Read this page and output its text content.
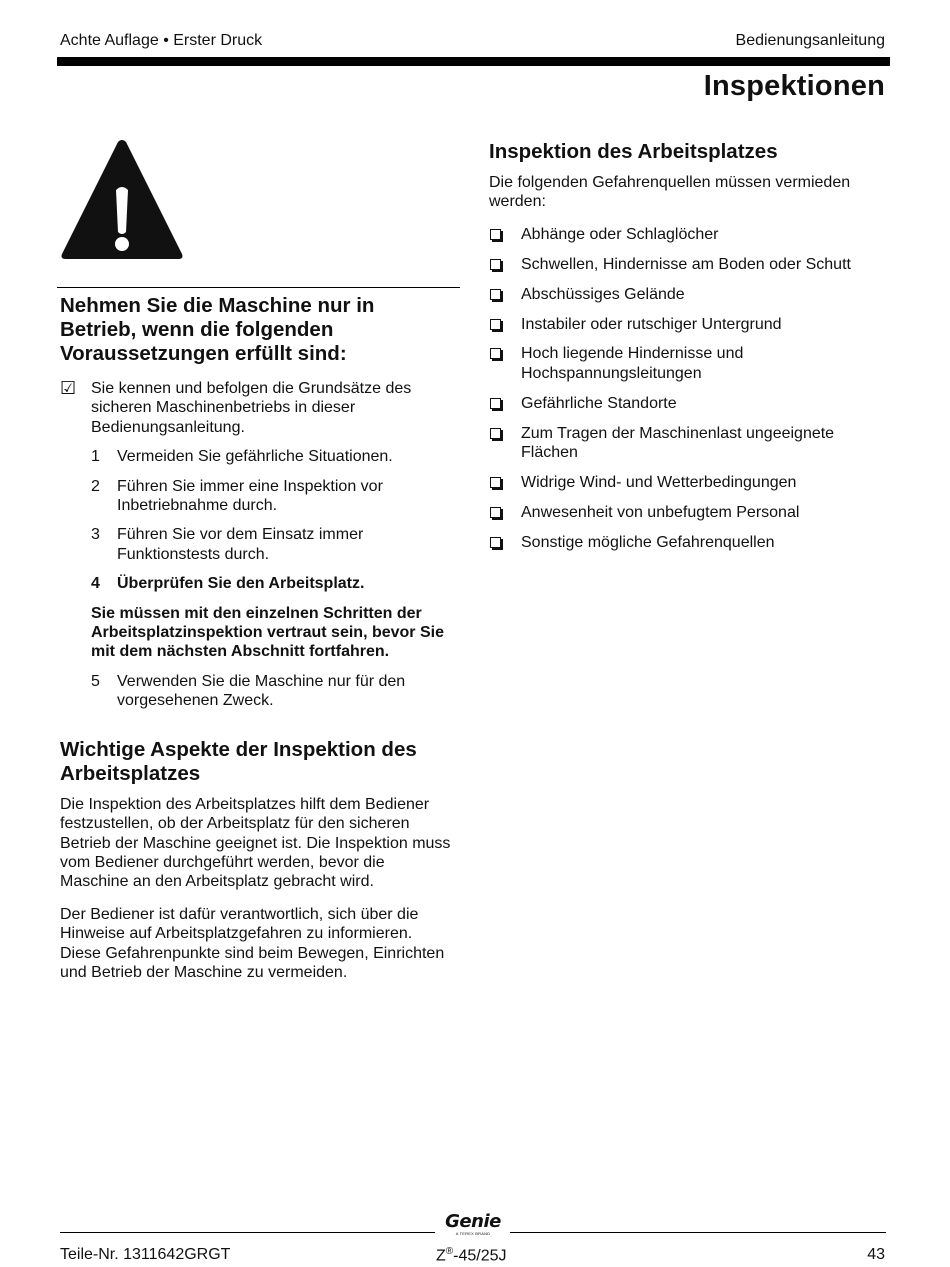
Achte Auflage • Erster Druck	Bedienungsanleitung
Inspektionen
Nehmen Sie die Maschine nur in Betrieb, wenn die folgenden Voraussetzungen erfüllt sind:
☑ Sie kennen und befolgen die Grundsätze des sicheren Maschinenbetriebs in dieser Bedienungsanleitung.
1	Vermeiden Sie gefährliche Situationen.
2	Führen Sie immer eine Inspektion vor Inbetriebnahme durch.
3	Führen Sie vor dem Einsatz immer Funktionstests durch.
4	Überprüfen Sie den Arbeitsplatz.

Sie müssen mit den einzelnen Schritten der Arbeitsplatzinspektion vertraut sein, bevor Sie mit dem nächsten Abschnitt fortfahren.

5	Verwenden Sie die Maschine nur für den vorgesehenen Zweck.
Wichtige Aspekte der Inspektion des Arbeitsplatzes

Die Inspektion des Arbeitsplatzes hilft dem Bediener festzustellen, ob der Arbeitsplatz für den sicheren Betrieb der Maschine geeignet ist. Die Inspektion muss vom Bediener durchgeführt werden, bevor die Maschine an den Arbeitsplatz gebracht wird.

Der Bediener ist dafür verantwortlich, sich über die Hinweise auf Arbeitsplatzgefahren zu informieren. Diese Gefahrenpunkte sind beim Bewegen, Einrichten und Betrieb der Maschine zu vermeiden.

Inspektion des Arbeitsplatzes

Die folgenden Gefahrenquellen müssen vermieden werden:

Abhänge oder Schlaglöcher
Schwellen, Hindernisse am Boden oder Schutt
Abschüssiges Gelände
Instabiler oder rutschiger Untergrund
Hoch liegende Hindernisse und Hochspannungsleitungen
Gefährliche Standorte
Zum Tragen der Maschinenlast ungeeignete Flächen
Widrige Wind- und Wetterbedingungen
Anwesenheit von unbefugtem Personal
Sonstige mögliche Gefahrenquellen
Genie
A TEREX BRAND
Teile-Nr. 1311642GRGT	Z®-45/25J	43
